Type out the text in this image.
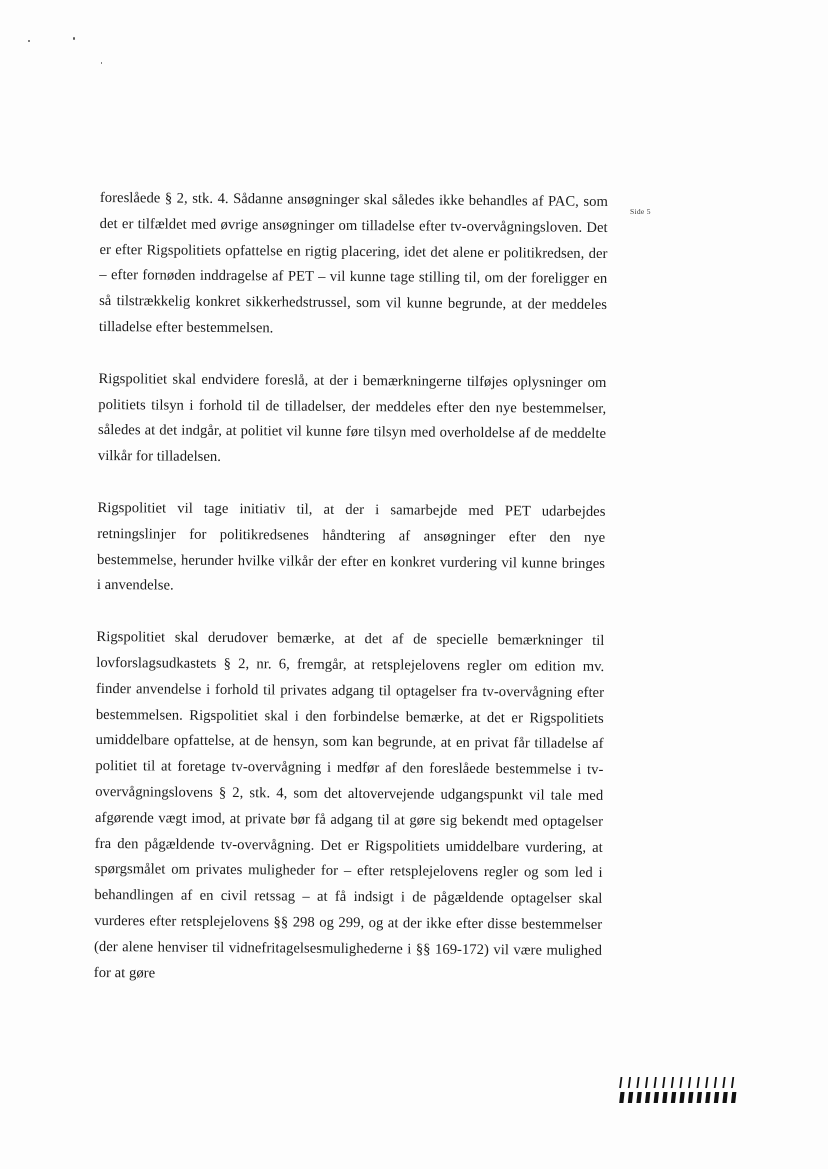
Side 5

foreslåede § 2, stk. 4. Sådanne ansøgninger skal således ikke behandles af PAC, som det er tilfældet med øvrige ansøgninger om tilladelse efter tv-overvågningsloven. Det er efter Rigspolitiets opfattelse en rigtig placering, idet det alene er politikredsen, der – efter fornøden inddragelse af PET – vil kunne tage stilling til, om der foreligger en så tilstrækkelig konkret sikkerhedstrussel, som vil kunne begrunde, at der meddeles tilladelse efter bestemmelsen.

Rigspolitiet skal endvidere foreslå, at der i bemærkningerne tilføjes oplysninger om politiets tilsyn i forhold til de tilladelser, der meddeles efter den nye bestemmelser, således at det indgår, at politiet vil kunne føre tilsyn med overholdelse af de meddelte vilkår for tilladelsen.

Rigspolitiet vil tage initiativ til, at der i samarbejde med PET udarbejdes retningslinjer for politikredsenes håndtering af ansøgninger efter den nye bestemmelse, herunder hvilke vilkår der efter en konkret vurdering vil kunne bringes i anvendelse.

Rigspolitiet skal derudover bemærke, at det af de specielle bemærkninger til lovforslagsudkastets § 2, nr. 6, fremgår, at retsplejelovens regler om edition mv. finder anvendelse i forhold til privates adgang til optagelser fra tv-overvågning efter bestemmelsen. Rigspolitiet skal i den forbindelse bemærke, at det er Rigspolitiets umiddelbare opfattelse, at de hensyn, som kan begrunde, at en privat får tilladelse af politiet til at foretage tv-overvågning i medfør af den foreslåede bestemmelse i tv-overvågningslovens § 2, stk. 4, som det altovervejende udgangspunkt vil tale med afgørende vægt imod, at private bør få adgang til at gøre sig bekendt med optagelser fra den pågældende tv-overvågning. Det er Rigspolitiets umiddelbare vurdering, at spørgsmålet om privates muligheder for – efter retsplejelovens regler og som led i behandlingen af en civil retssag – at få indsigt i de pågældende optagelser skal vurderes efter retsplejelovens §§ 298 og 299, og at der ikke efter disse bestemmelser (der alene henviser til vidnefritagelsesmulighederne i §§ 169-172) vil være mulighed for at gøre
